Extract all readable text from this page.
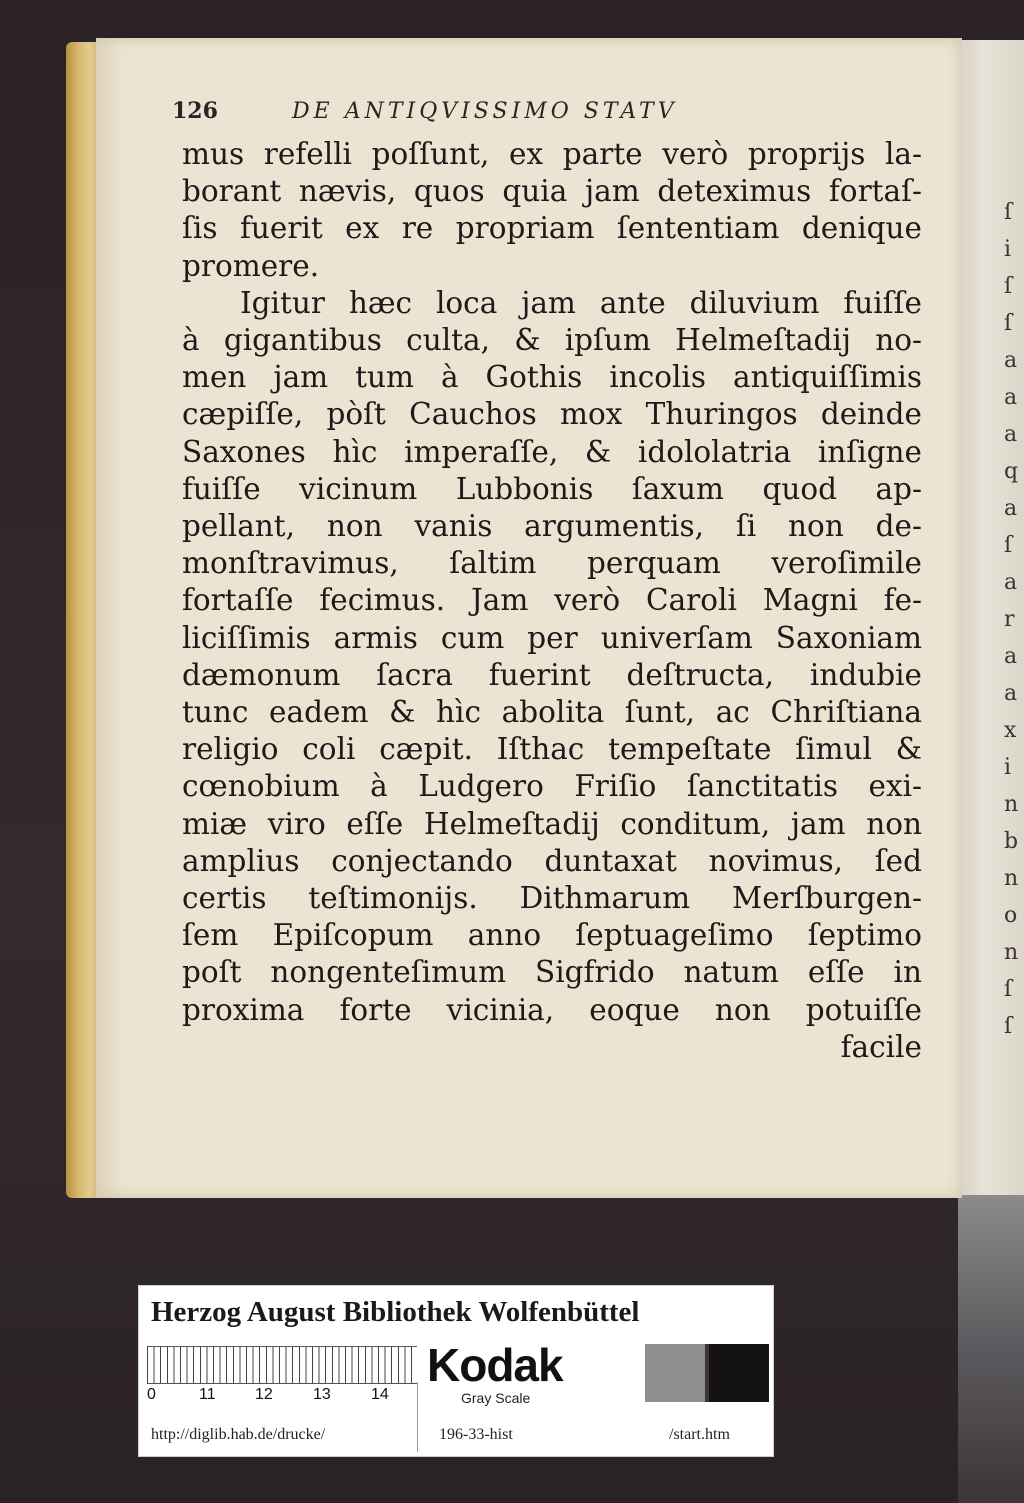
ſ
i
ſ
ſ
a
a
a
q
a
ſ
a
r
a
a
x
i
n
b
n
o
n
ſ
ſ
126	DE ANTIQVISSIMO STATV
mus refelli poſſunt, ex parte verò proprijs la-
borant nævis, quos quia jam deteximus fortaſ-
ſis fuerit ex re propriam ſententiam denique
promere.
Igitur hæc loca jam ante diluvium fuiſſe
à gigantibus culta, & ipſum Helmeſtadij no-
men jam tum à Gothis incolis antiquiſſimis
cæpiſſe, pòſt Cauchos mox Thuringos deinde
Saxones hìc imperaſſe, & idololatria inſigne
fuiſſe vicinum Lubbonis ſaxum quod ap-
pellant, non vanis argumentis, ſi non de-
monſtravimus, ſaltim perquam veroſimile
fortaſſe fecimus. Jam verò Caroli Magni fe-
liciſſimis armis cum per univerſam Saxoniam
dæmonum ſacra fuerint deſtructa, indubie
tunc eadem & hìc abolita ſunt, ac Chriſtiana
religio coli cæpit. Iſthac tempeſtate ſimul &
cœnobium à Ludgero Friſio ſanctitatis exi-
miæ viro eſſe Helmeſtadij conditum, jam non
amplius conjectando duntaxat novimus, ſed
certis teſtimonijs. Dithmarum Merſburgen-
ſem Epiſcopum anno ſeptuageſimo ſeptimo
poſt nongenteſimum Sigfrido natum eſſe in
proxima forte vicinia, eoque non potuiſſe
facile
Herzog August Bibliothek Wolfenbüttel
0	11 12	13	14
Kodak
Gray Scale
http://diglib.hab.de/drucke/	196-33-hist	/start.htm
